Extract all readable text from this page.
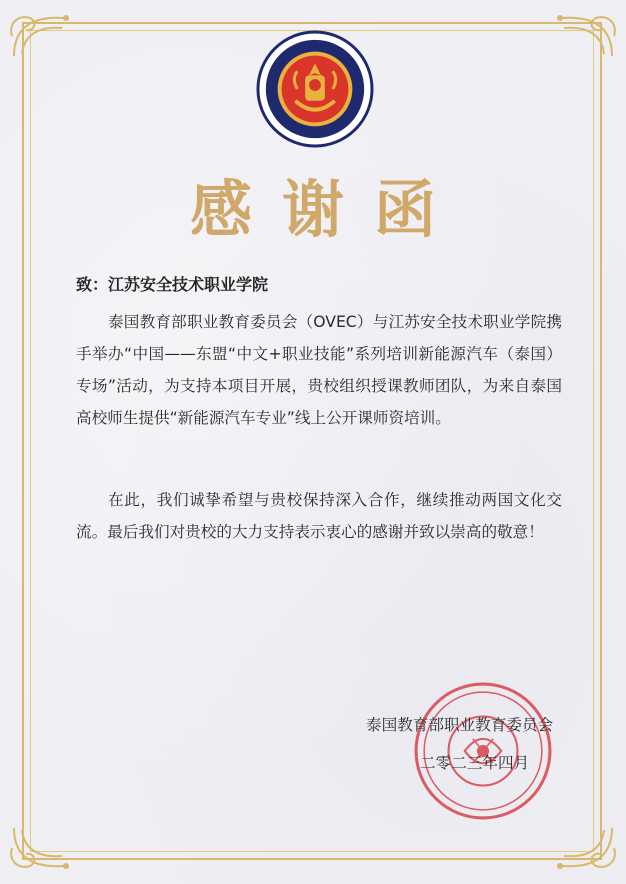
感谢函
致：江苏安全技术职业学院
泰国教育部职业教育委员会（OVEC）与江苏安全技术职业学院携手举办“中国——东盟“中文+职业技能”系列培训新能源汽车（泰国）专场”活动，为支持本项目开展，贵校组织授课教师团队，为来自泰国高校师生提供“新能源汽车专业”线上公开课师资培训。
在此，我们诚挚希望与贵校保持深入合作，继续推动两国文化交流。最后我们对贵校的大力支持表示衷心的感谢并致以崇高的敬意！
泰国教育部职业教育委员会
二零二三年四月
